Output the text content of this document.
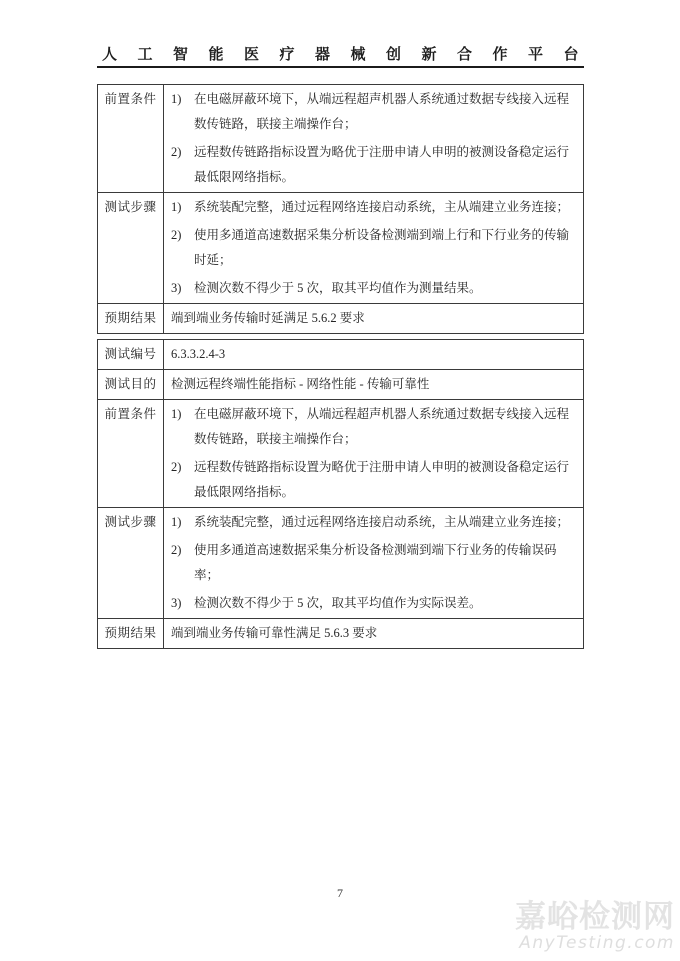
人工智能医疗器械创新合作平台
前置条件	1) 在电磁屏蔽环境下，从端远程超声机器人系统通过数据专线接入远程数传链路，联接主端操作台；
2) 远程数传链路指标设置为略优于注册申请人申明的被测设备稳定运行最低限网络指标。

测试步骤	1)	系统装配完整，通过远程网络连接启动系统，主从端建立业务连接；
2)	使用多通道高速数据采集分析设备检测端到端上行和下行业务的传输时延；
3)	检测次数不得少于 5 次，取其平均值作为测量结果。

预期结果	端到端业务传输时延满足 5.6.2 要求
测试编号	6.3.3.2.4-3

测试目的	检测远程终端性能指标 - 网络性能 - 传输可靠性

前置条件	1) 在电磁屏蔽环境下，从端远程超声机器人系统通过数据专线接入远程数传链路，联接主端操作台；
2) 远程数传链路指标设置为略优于注册申请人申明的被测设备稳定运行最低限网络指标。

测试步骤	1)	系统装配完整，通过远程网络连接启动系统，主从端建立业务连接；
2)	使用多通道高速数据采集分析设备检测端到端下行业务的传输误码率；
3)	检测次数不得少于 5 次，取其平均值作为实际误差。

预期结果	端到端业务传输可靠性满足 5.6.3 要求
7
嘉峪检测网
AnyTesting.com
